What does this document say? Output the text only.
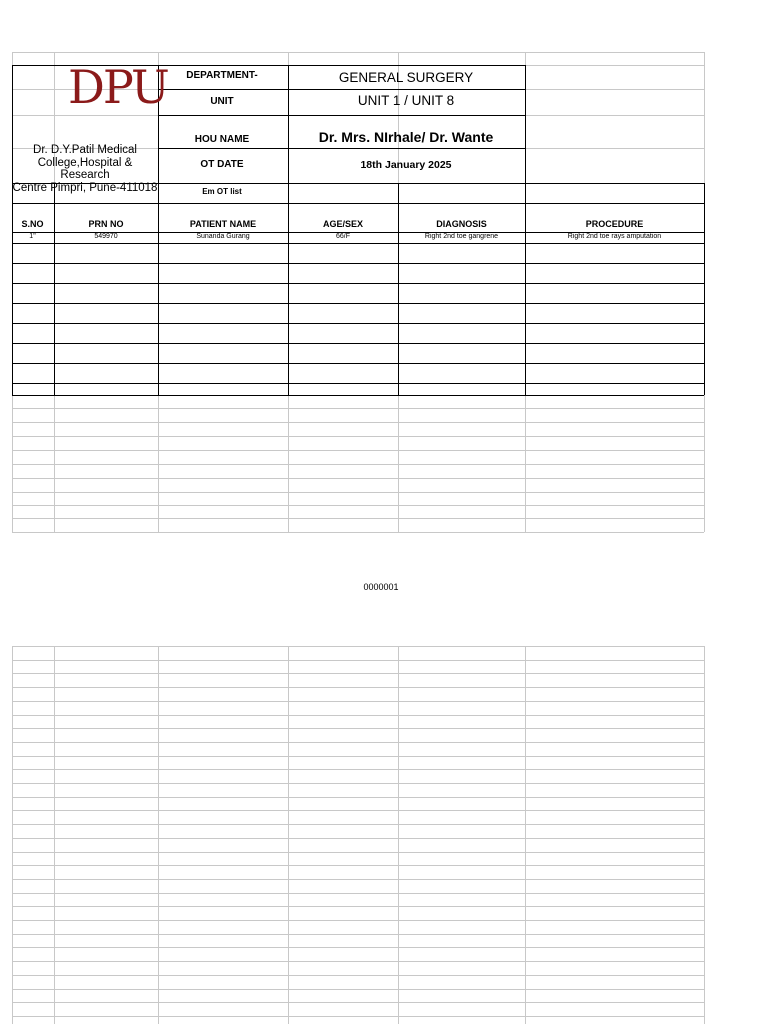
DPU
Dr. D.Y.Patil Medical
College,Hospital & Research
Centre Pimpri, Pune-411018
DEPARTMENT-	GENERAL SURGERY
UNIT	UNIT 1 / UNIT 8
HOU NAME	Dr. Mrs. NIrhale/ Dr. Wante
OT DATE	18th January 2025
Em OT list
S.NO	PRN NO	PATIENT NAME	AGE/SEX	DIAGNOSIS	PROCEDURE
1"	549970	Sunanda Gurang	66/F	Right 2nd toe gangrene	Right 2nd toe rays amputation
0000001
